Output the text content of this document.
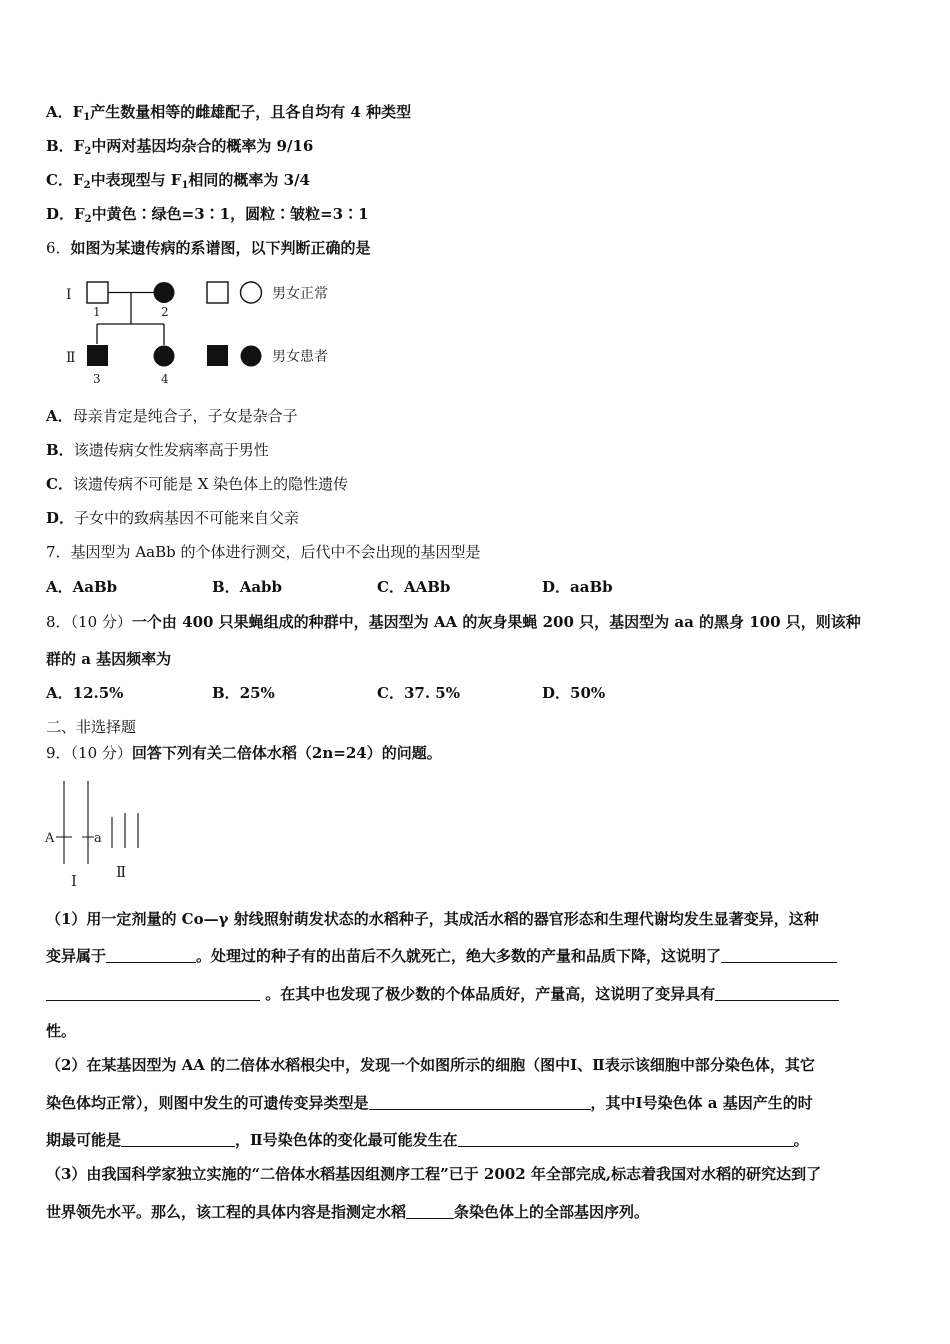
A．$F_1$产生数量相等的雌雄配子，且各自均有 4 种类型
B．$F_2$中两对基因均杂合的概率为 9/16
C．$F_2$中表现型与 $F_1$相同的概率为 3/4
D．$F_2$中黄色∶绿色=3∶1，圆粒∶皱粒=3∶1
6．如图为某遗传病的系谱图，以下判断正确的是
Ⅰ
Ⅱ
1	2
3	4
男女正常
男女患者
A．母亲肯定是纯合子，子女是杂合子
B．该遗传病女性发病率高于男性
C．该遗传病不可能是 X 染色体上的隐性遗传
D．子女中的致病基因不可能来自父亲
7．基因型为 AaBb 的个体进行测交，后代中不会出现的基因型是
A．AaBb	B．Aabb	C．AABb	D．aaBb
8．（10 分）一个由 400 只果蝇组成的种群中，基因型为 AA 的灰身果蝇 200 只，基因型为 aa 的黑身 100 只，则该种
群的 a 基因频率为
A．12.5%	B．25%	C．37. 5%	D．50%
二、非选择题
9．（10 分）回答下列有关二倍体水稻（2n=24）的问题。
A	a
Ⅰ	Ⅱ
（1）用一定剂量的 Co—γ 射线照射萌发状态的水稻种子，其成活水稻的器官形态和生理代谢均发生显著变异，这种
变异属于	。处理过的种子有的出苗后不久就死亡，绝大多数的产量和品质下降，这说明了
。在其中也发现了极少数的个体品质好，产量高，这说明了变异具有
性。
（2）在某基因型为 AA 的二倍体水稻根尖中，发现一个如图所示的细胞（图中Ⅰ、Ⅱ表示该细胞中部分染色体，其它
染色体均正常），则图中发生的可遗传变异类型是	，其中Ⅰ号染色体 a 基因产生的时
期最可能是	，Ⅱ号染色体的变化最可能发生在	。
（3）由我国科学家独立实施的“二倍体水稻基因组测序工程”已于 2002 年全部完成,标志着我国对水稻的研究达到了
世界领先水平。那么，该工程的具体内容是指测定水稻	条染色体上的全部基因序列。
